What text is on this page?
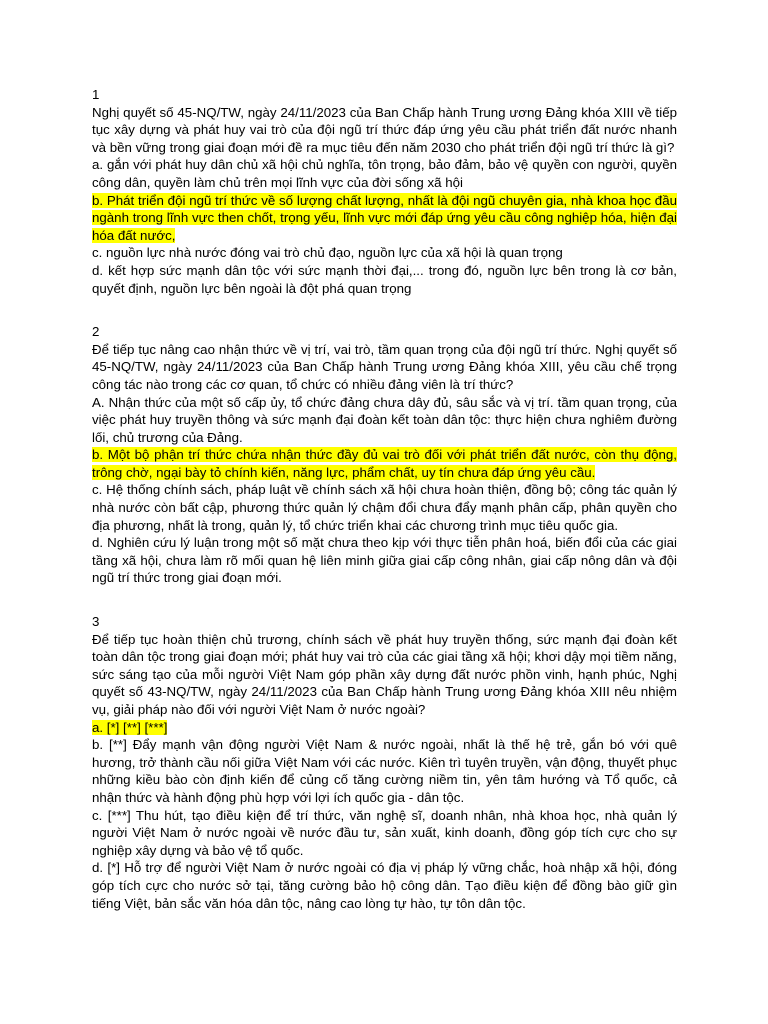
1

Nghị quyết số 45-NQ/TW, ngày 24/11/2023 của Ban Chấp hành Trung ương Đảng khóa XIII về tiếp tục xây dựng và phát huy vai trò của đội ngũ trí thức đáp ứng yêu cầu phát triển đất nước nhanh và bền vững trong giai đoạn mới đề ra mục tiêu đến năm 2030 cho phát triển đội ngũ trí thức là gì?

a. gắn với phát huy dân chủ xã hội chủ nghĩa, tôn trọng, bảo đảm, bảo vệ quyền con người, quyền công dân, quyền làm chủ trên mọi lĩnh vực của đời sống xã hội

b. Phát triển đội ngũ trí thức về số lượng chất lượng, nhất là đội ngũ chuyên gia, nhà khoa học đầu ngành trong lĩnh vực then chốt, trọng yếu, lĩnh vực mới đáp ứng yêu cầu công nghiệp hóa, hiện đại hóa đất nước,

c. nguồn lực nhà nước đóng vai trò chủ đạo, nguồn lực của xã hội là quan trọng

d. kết hợp sức mạnh dân tộc với sức mạnh thời đại,... trong đó, nguồn lực bên trong là cơ bản, quyết định, nguồn lực bên ngoài là đột phá quan trọng

2

Để tiếp tục nâng cao nhận thức về vị trí, vai trò, tầm quan trọng của đội ngũ trí thức. Nghị quyết số 45-NQ/TW, ngày 24/11/2023 của Ban Chấp hành Trung ương Đảng khóa XIII, yêu cầu chế trọng công tác nào trong các cơ quan, tổ chức có nhiều đảng viên là trí thức?

A. Nhận thức của một số cấp ủy, tổ chức đảng chưa dây đủ, sâu sắc và vị trí. tầm quan trọng, của việc phát huy truyền thông và sức mạnh đại đoàn kết toàn dân tộc: thực hiện chưa nghiêm đường lối, chủ trương của Đảng.

b. Một bộ phận trí thức chứa nhận thức đầy đủ vai trò đối với phát triển đất nước, còn thụ động, trông chờ, ngại bày tỏ chính kiến, năng lực, phẩm chất, uy tín chưa đáp ứng yêu cầu.

c. Hệ thống chính sách, pháp luật về chính sách xã hội chưa hoàn thiện, đồng bộ; công tác quản lý nhà nước còn bất cập, phương thức quản lý chậm đổi chưa đẩy mạnh phân cấp, phân quyền cho địa phương, nhất là trong, quản lý, tổ chức triển khai các chương trình mục tiêu quốc gia.

d. Nghiên cứu lý luận trong một số mặt chưa theo kịp với thực tiễn phân hoá, biến đổi của các giai tầng xã hội, chưa làm rõ mối quan hệ liên minh giữa giai cấp công nhân, giai cấp nông dân và đội ngũ trí thức trong giai đoạn mới.

3

Để tiếp tục hoàn thiện chủ trương, chính sách về phát huy truyền thống, sức mạnh đại đoàn kết toàn dân tộc trong giai đoạn mới; phát huy vai trò của các giai tầng xã hội; khơi dậy mọi tiềm năng, sức sáng tạo của mỗi người Việt Nam góp phần xây dựng đất nước phồn vinh, hạnh phúc, Nghị quyết số 43-NQ/TW, ngày 24/11/2023 của Ban Chấp hành Trung ương Đảng khóa XIII nêu nhiệm vụ, giải pháp nào đối với người Việt Nam ở nước ngoài?

a. [*] [**] [***]

b. [**] Đẩy mạnh vận động người Việt Nam & nước ngoài, nhất là thế hệ trẻ, gắn bó với quê hương, trở thành cầu nối giữa Việt Nam với các nước. Kiên trì tuyên truyền, vận động, thuyết phục những kiều bào còn định kiến để củng cố tăng cường niềm tin, yên tâm hướng và Tổ quốc, cả nhận thức và hành động phù hợp với lợi ích quốc gia - dân tộc.

c. [***] Thu hút, tạo điều kiện để trí thức, văn nghệ sĩ, doanh nhân, nhà khoa học, nhà quản lý người Việt Nam ở nước ngoài về nước đầu tư, sản xuất, kinh doanh, đồng góp tích cực cho sự nghiệp xây dựng và bảo vệ tổ quốc.

d. [*] Hỗ trợ để người Việt Nam ở nước ngoài có địa vị pháp lý vững chắc, hoà nhập xã hội, đóng góp tích cực cho nước sở tại, tăng cường bảo hộ công dân. Tạo điều kiện để đồng bào giữ gìn tiếng Việt, bản sắc văn hóa dân tộc, nâng cao lòng tự hào, tự tôn dân tộc.
